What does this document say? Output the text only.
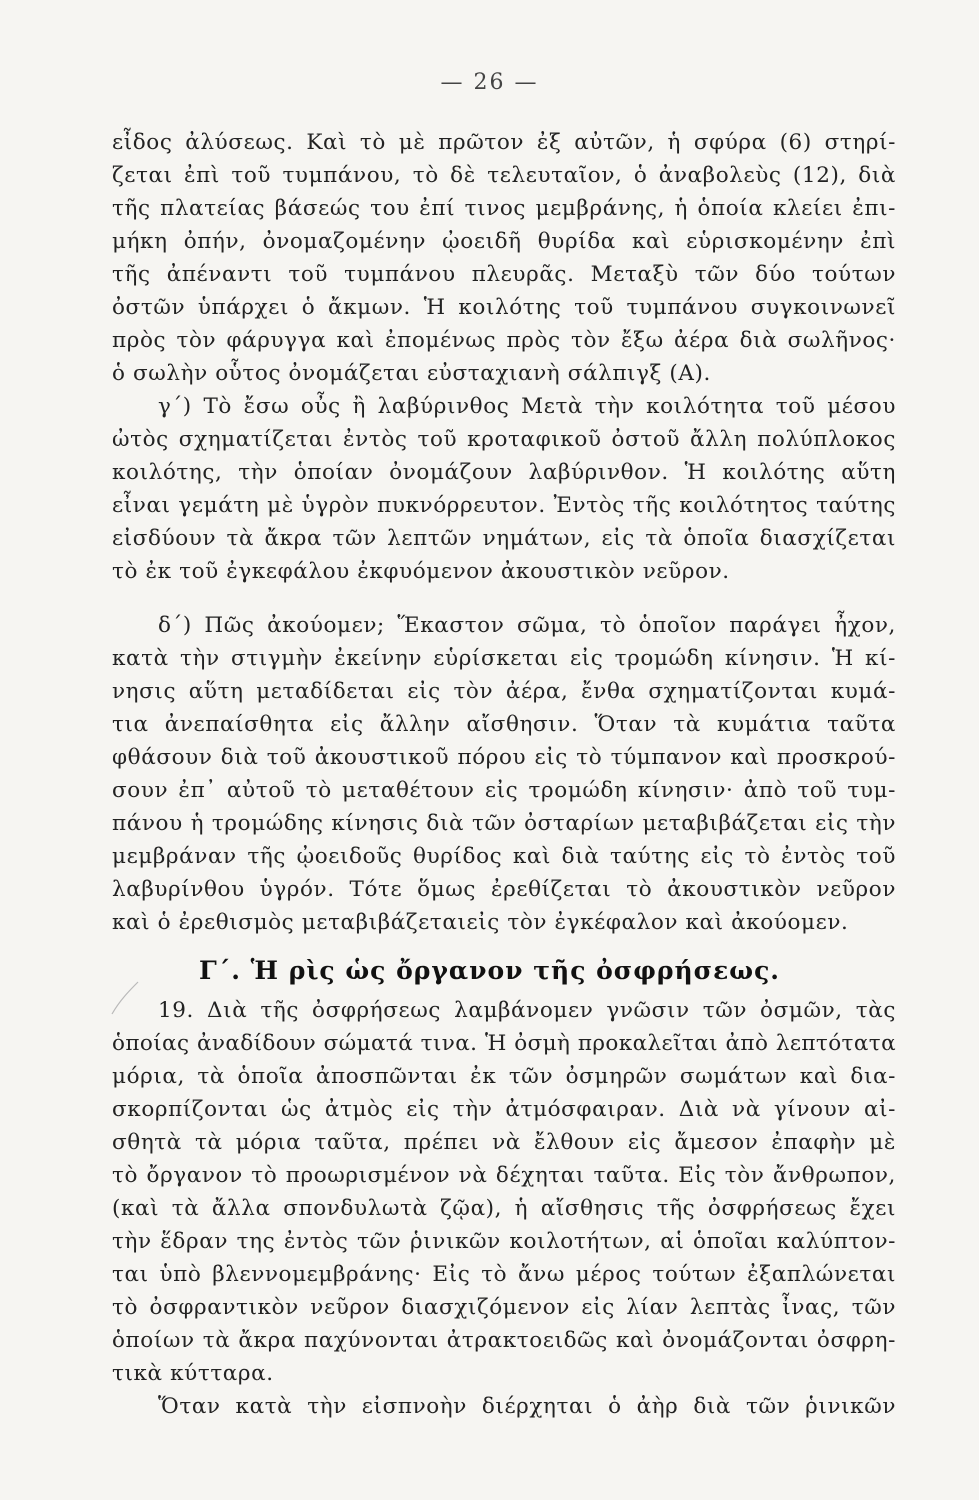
— 26 —
εἶδος ἀλύσεως. Καὶ τὸ μὲ πρῶτον ἐξ αὐτῶν, ἡ σφύρα (6) στηρί-
ζεται ἐπὶ τοῦ τυμπάνου, τὸ δὲ τελευταῖον, ὁ ἀναβολεὺς (12), διὰ
τῆς πλατείας βάσεώς του ἐπί τινος μεμβράνης, ἡ ὁποία κλείει ἐπι-
μήκη ὀπήν, ὀνομαζομένην ᾠοειδῆ θυρίδα καὶ εὑρισκομένην ἐπὶ
τῆς ἀπέναντι τοῦ τυμπάνου πλευρᾶς. Μεταξὺ τῶν δύο τούτων
ὀστῶν ὑπάρχει ὁ ἄκμων. Ἡ κοιλότης τοῦ τυμπάνου συγκοινωνεῖ
πρὸς τὸν φάρυγγα καὶ ἐπομένως πρὸς τὸν ἔξω ἀέρα διὰ σωλῆνος·
ὁ σωλὴν οὗτος ὀνομάζεται εὐσταχιανὴ σάλπιγξ (Α).
γ΄) Τὸ ἔσω οὖς ἢ λαβύρινθος Μετὰ τὴν κοιλότητα τοῦ μέσου
ὠτὸς σχηματίζεται ἐντὸς τοῦ κροταφικοῦ ὀστοῦ ἄλλη πολύπλοκος
κοιλότης, τὴν ὁποίαν ὀνομάζουν λαβύρινθον. Ἡ κοιλότης αὕτη
εἶναι γεμάτη μὲ ὑγρὸν πυκνόρρευτον. Ἐντὸς τῆς κοιλότητος ταύτης
εἰσδύουν τὰ ἄκρα τῶν λεπτῶν νημάτων, εἰς τὰ ὁποῖα διασχίζεται
τὸ ἐκ τοῦ ἐγκεφάλου ἐκφυόμενον ἀκουστικὸν νεῦρον.
δ΄) Πῶς ἀκούομεν; Ἕκαστον σῶμα, τὸ ὁποῖον παράγει ἦχον,
κατὰ τὴν στιγμὴν ἐκείνην εὑρίσκεται εἰς τρομώδη κίνησιν. Ἡ κί-
νησις αὕτη μεταδίδεται εἰς τὸν ἀέρα, ἔνθα σχηματίζονται κυμά-
τια ἀνεπαίσθητα εἰς ἄλλην αἴσθησιν. Ὅταν τὰ κυμάτια ταῦτα
φθάσουν διὰ τοῦ ἀκουστικοῦ πόρου εἰς τὸ τύμπανον καὶ προσκρού-
σουν ἐπ᾽ αὐτοῦ τὸ μεταθέτουν εἰς τρομώδη κίνησιν· ἀπὸ τοῦ τυμ-
πάνου ἡ τρομώδης κίνησις διὰ τῶν ὀσταρίων μεταβιβάζεται εἰς τὴν
μεμβράναν τῆς ᾠοειδοῦς θυρίδος καὶ διὰ ταύτης εἰς τὸ ἐντὸς τοῦ
λαβυρίνθου ὑγρόν. Τότε ὅμως ἐρεθίζεται τὸ ἀκουστικὸν νεῦρον
καὶ ὁ ἐρεθισμὸς μεταβιβάζεταιεἰς τὸν ἐγκέφαλον καὶ ἀκούομεν.
Γ΄. Ἡ ρὶς ὡς ὄργανον τῆς ὀσφρήσεως.
19. Διὰ τῆς ὀσφρήσεως λαμβάνομεν γνῶσιν τῶν ὀσμῶν, τὰς
ὁποίας ἀναδίδουν σώματά τινα. Ἡ ὀσμὴ προκαλεῖται ἀπὸ λεπτότατα
μόρια, τὰ ὁποῖα ἀποσπῶνται ἐκ τῶν ὀσμηρῶν σωμάτων καὶ δια-
σκορπίζονται ὡς ἀτμὸς εἰς τὴν ἀτμόσφαιραν. Διὰ νὰ γίνουν αἰ-
σθητὰ τὰ μόρια ταῦτα, πρέπει νὰ ἔλθουν εἰς ἄμεσον ἐπαφὴν μὲ
τὸ ὄργανον τὸ προωρισμένον νὰ δέχηται ταῦτα. Εἰς τὸν ἄνθρωπον,
(καὶ τὰ ἄλλα σπονδυλωτὰ ζῷα), ἡ αἴσθησις τῆς ὀσφρήσεως ἔχει
τὴν ἕδραν της ἐντὸς τῶν ῥινικῶν κοιλοτήτων, αἱ ὁποῖαι καλύπτον-
ται ὑπὸ βλεννομεμβράνης· Εἰς τὸ ἄνω μέρος τούτων ἐξαπλώνεται
τὸ ὀσφραντικὸν νεῦρον διασχιζόμενον εἰς λίαν λεπτὰς ἶνας, τῶν
ὁποίων τὰ ἄκρα παχύνονται ἀτρακτοειδῶς καὶ ὀνομάζονται ὀσφρη-
τικὰ κύτταρα.
Ὅταν κατὰ τὴν εἰσπνοὴν διέρχηται ὁ ἀὴρ διὰ τῶν ῥινικῶν
